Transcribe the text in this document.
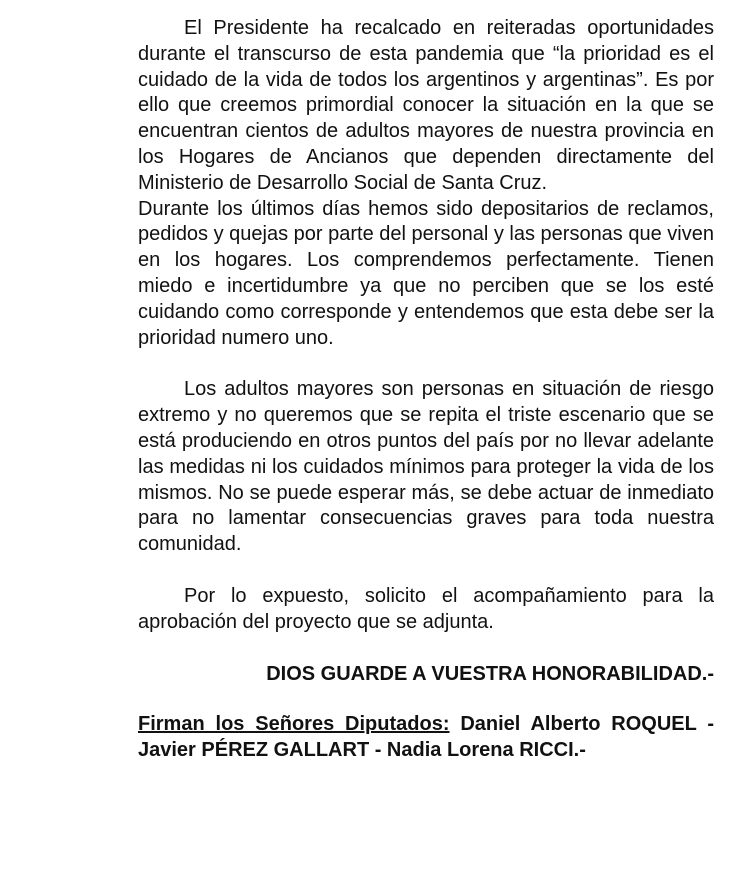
El Presidente ha recalcado en reiteradas oportunidades durante el transcurso de esta pandemia que “la prioridad es el cuidado de la vida de todos los argentinos y argentinas”. Es por ello que creemos primordial conocer la situación en la que se encuentran cientos de adultos mayores de nuestra provincia en los Hogares de Ancianos que dependen directamente del Ministerio de Desarrollo Social de Santa Cruz.

Durante los últimos días hemos sido depositarios de reclamos, pedidos y quejas por parte del personal y las personas que viven en los hogares. Los comprendemos perfectamente. Tienen miedo e incertidumbre ya que no perciben que se los esté cuidando como corresponde y entendemos que esta debe ser la prioridad numero uno.

Los adultos mayores son personas en situación de riesgo extremo y no queremos que se repita el triste escenario que se está produciendo en otros puntos del país por no llevar adelante las medidas ni los cuidados mínimos para proteger la vida de los mismos. No se puede esperar más, se debe actuar de inmediato para no lamentar consecuencias graves para toda nuestra comunidad.

Por lo expuesto, solicito el acompañamiento para la aprobación del proyecto que se adjunta.

DIOS GUARDE A VUESTRA HONORABILIDAD.-

Firman los Señores Diputados: Daniel Alberto ROQUEL - Javier PÉREZ GALLART - Nadia Lorena RICCI.-
